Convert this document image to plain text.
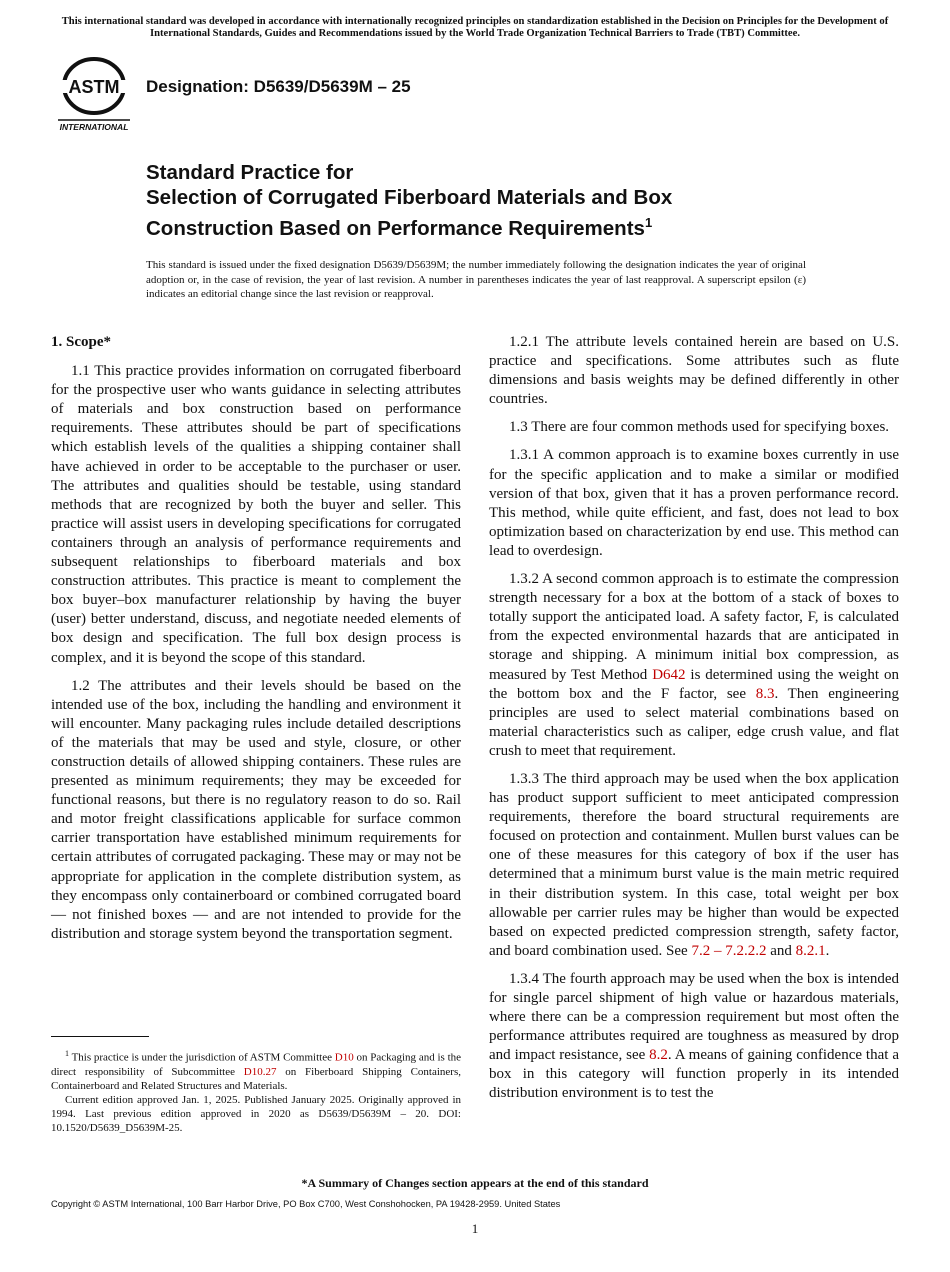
This international standard was developed in accordance with internationally recognized principles on standardization established in the Decision on Principles for the Development of International Standards, Guides and Recommendations issued by the World Trade Organization Technical Barriers to Trade (TBT) Committee.
ASTM
INTERNATIONAL
Designation: D5639/D5639M – 25
Standard Practice for
Selection of Corrugated Fiberboard Materials and Box
Construction Based on Performance Requirements$^1$
This standard is issued under the fixed designation D5639/D5639M; the number immediately following the designation indicates the year of original adoption or, in the case of revision, the year of last revision. A number in parentheses indicates the year of last reapproval. A superscript epsilon (ε) indicates an editorial change since the last revision or reapproval.
1. Scope*

1.1 This practice provides information on corrugated fiberboard for the prospective user who wants guidance in selecting attributes of materials and box construction based on performance requirements. These attributes should be part of specifications which establish levels of the qualities a shipping container shall have achieved in order to be acceptable to the purchaser or user. The attributes and qualities should be testable, using standard methods that are recognized by both the buyer and seller. This practice will assist users in developing specifications for corrugated containers through an analysis of performance requirements and subsequent relationships to fiberboard materials and box construction attributes. This practice is meant to complement the box buyer–box manufacturer relationship by having the buyer (user) better understand, discuss, and negotiate needed elements of box design and specification. The full box design process is complex, and it is beyond the scope of this standard.

1.2 The attributes and their levels should be based on the intended use of the box, including the handling and environment it will encounter. Many packaging rules include detailed descriptions of the materials that may be used and style, closure, or other construction details of allowed shipping containers. These rules are presented as minimum requirements; they may be exceeded for functional reasons, but there is no regulatory reason to do so. Rail and motor freight classifications applicable for surface common carrier transportation have established minimum requirements for certain attributes of corrugated packaging. These may or may not be appropriate for application in the complete distribution system, as they encompass only containerboard or combined corrugated board — not finished boxes — and are not intended to provide for the distribution and storage system beyond the transportation segment.

1.2.1 The attribute levels contained herein are based on U.S. practice and specifications. Some attributes such as flute dimensions and basis weights may be defined differently in other countries.

1.3 There are four common methods used for specifying boxes.

1.3.1 A common approach is to examine boxes currently in use for the specific application and to make a similar or modified version of that box, given that it has a proven performance record. This method, while quite efficient, and fast, does not lead to box optimization based on characterization by end use. This method can lead to overdesign.

1.3.2 A second common approach is to estimate the compression strength necessary for a box at the bottom of a stack of boxes to totally support the anticipated load. A safety factor, F, is calculated from the expected environmental hazards that are anticipated in storage and shipping. A minimum initial box compression, as measured by Test Method D642 is determined using the weight on the bottom box and the F factor, see 8.3. Then engineering principles are used to select material combinations based on material characteristics such as caliper, edge crush value, and flat crush to meet that requirement.

1.3.3 The third approach may be used when the box application has product support sufficient to meet anticipated compression requirements, therefore the board structural requirements are focused on protection and containment. Mullen burst values can be one of these measures for this category of box if the user has determined that a minimum burst value is the main metric required in their distribution system. In this case, total weight per box allowable per carrier rules may be higher than would be expected based on expected predicted compression strength, safety factor, and board combination used. See 7.2 – 7.2.2.2 and 8.2.1.

1.3.4 The fourth approach may be used when the box is intended for single parcel shipment of high value or hazardous materials, where there can be a compression requirement but most often the performance attributes required are toughness as measured by drop and impact resistance, see 8.2. A means of gaining confidence that a box in this category will function properly in its intended distribution environment is to test the

$^1$ This practice is under the jurisdiction of ASTM Committee D10 on Packaging and is the direct responsibility of Subcommittee D10.27 on Fiberboard Shipping Containers, Containerboard and Related Structures and Materials.

Current edition approved Jan. 1, 2025. Published January 2025. Originally approved in 1994. Last previous edition approved in 2020 as D5639/D5639M – 20. DOI: 10.1520/D5639_D5639M-25.

*A Summary of Changes section appears at the end of this standard
Copyright © ASTM International, 100 Barr Harbor Drive, PO Box C700, West Conshohocken, PA 19428-2959. United States
1
